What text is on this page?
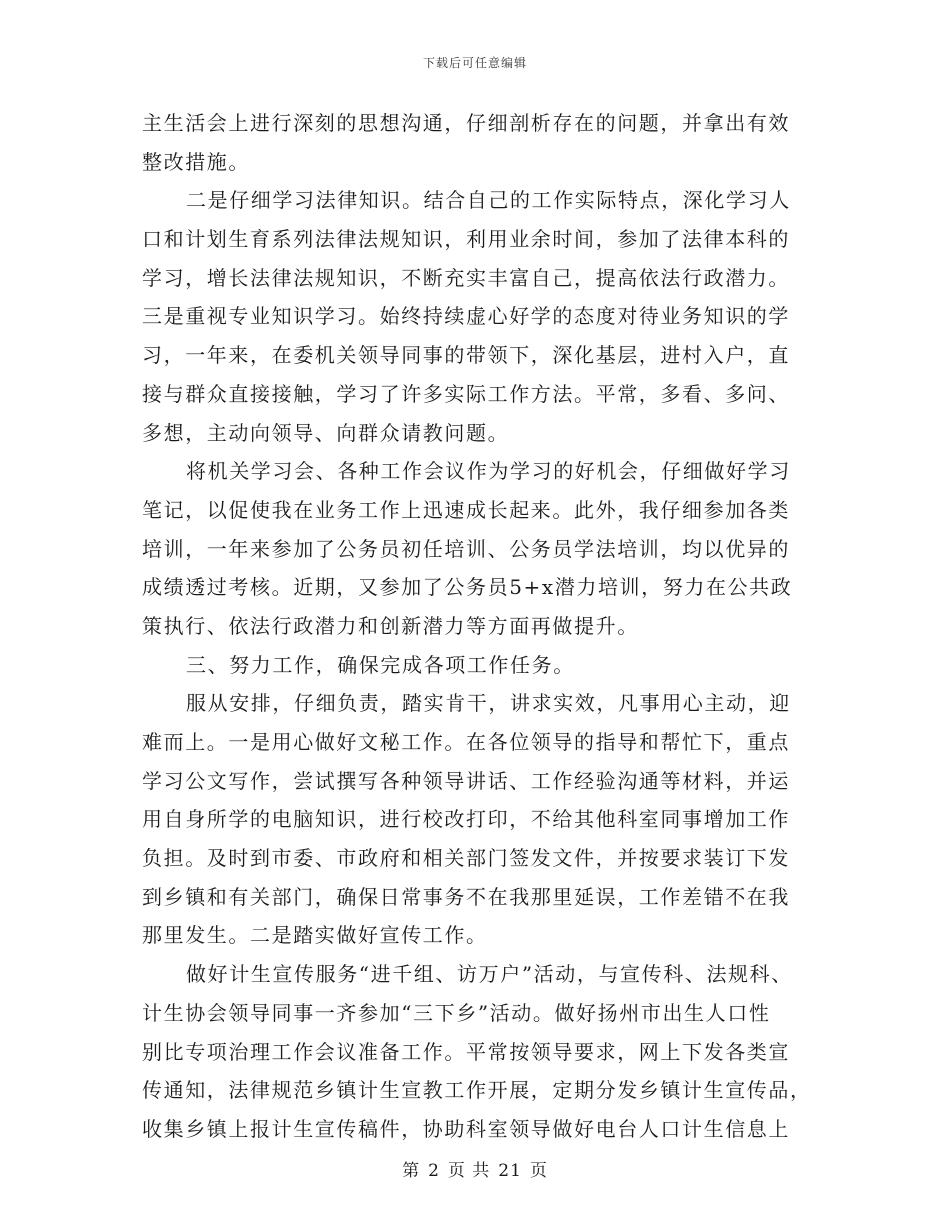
下载后可任意编辑
主生活会上进行深刻的思想沟通，仔细剖析存在的问题，并拿出有效
整改措施。
二是仔细学习法律知识。结合自己的工作实际特点，深化学习人
口和计划生育系列法律法规知识，利用业余时间，参加了法律本科的
学习，增长法律法规知识，不断充实丰富自己，提高依法行政潜力。
三是重视专业知识学习。始终持续虚心好学的态度对待业务知识的学
习，一年来，在委机关领导同事的带领下，深化基层，进村入户，直
接与群众直接接触，学习了许多实际工作方法。平常，多看、多问、
多想，主动向领导、向群众请教问题。
将机关学习会、各种工作会议作为学习的好机会，仔细做好学习
笔记，以促使我在业务工作上迅速成长起来。此外，我仔细参加各类
培训，一年来参加了公务员初任培训、公务员学法培训，均以优异的
成绩透过考核。近期，又参加了公务员5+x潜力培训，努力在公共政
策执行、依法行政潜力和创新潜力等方面再做提升。
三、努力工作，确保完成各项工作任务。
服从安排，仔细负责，踏实肯干，讲求实效，凡事用心主动，迎
难而上。一是用心做好文秘工作。在各位领导的指导和帮忙下，重点
学习公文写作，尝试撰写各种领导讲话、工作经验沟通等材料，并运
用自身所学的电脑知识，进行校改打印，不给其他科室同事增加工作
负担。及时到市委、市政府和相关部门签发文件，并按要求装订下发
到乡镇和有关部门，确保日常事务不在我那里延误，工作差错不在我
那里发生。二是踏实做好宣传工作。
做好计生宣传服务“进千组、访万户”活动，与宣传科、法规科、
计生协会领导同事一齐参加“三下乡”活动。做好扬州市出生人口性
别比专项治理工作会议准备工作。平常按领导要求，网上下发各类宣
传通知，法律规范乡镇计生宣教工作开展，定期分发乡镇计生宣传品，
收集乡镇上报计生宣传稿件，协助科室领导做好电台人口计生信息上
第 2 页 共 21 页
